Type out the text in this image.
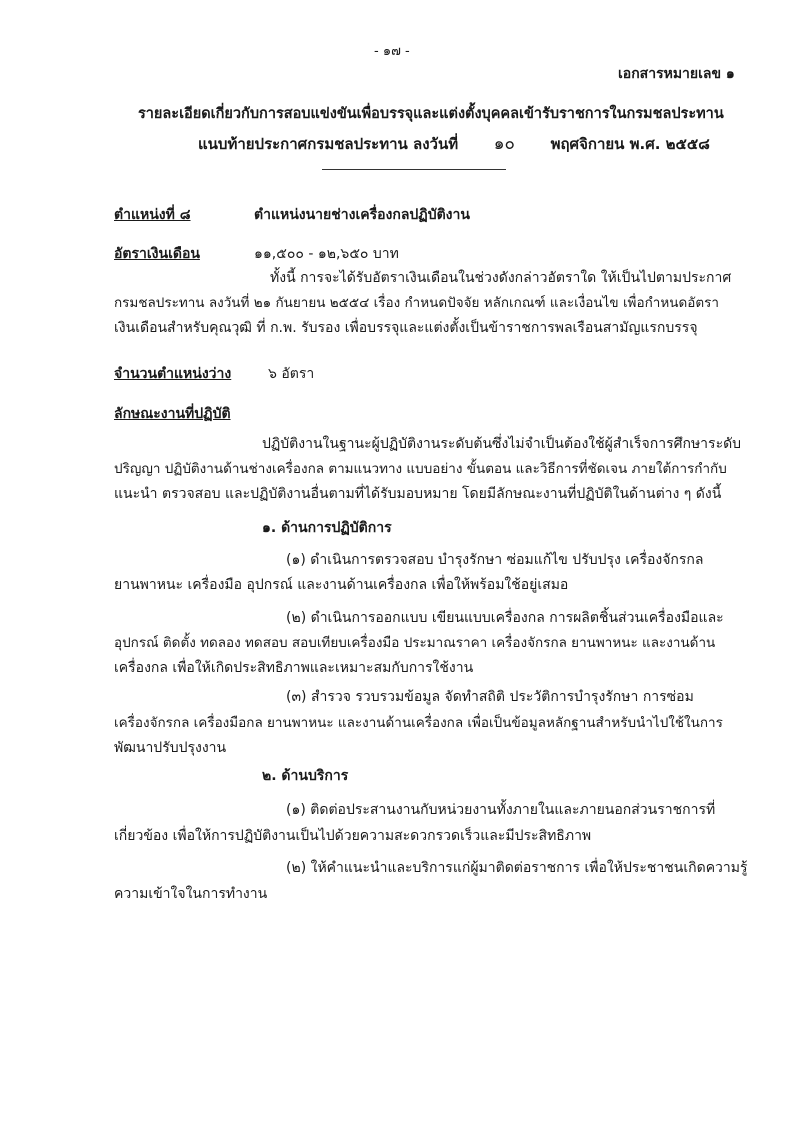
- ๑๗ -
เอกสารหมายเลข ๑
รายละเอียดเกี่ยวกับการสอบแข่งขันเพื่อบรรจุและแต่งตั้งบุคคลเข้ารับราชการในกรมชลประทาน
แนบท้ายประกาศกรมชลประทาน ลงวันที่ ๑๐ พฤศจิกายน พ.ศ. ๒๕๕๘
ตำแหน่งที่ ๘	ตำแหน่งนายช่างเครื่องกลปฏิบัติงาน
อัตราเงินเดือน	๑๑,๕๐๐ - ๑๒,๖๕๐ บาท
ทั้งนี้ การจะได้รับอัตราเงินเดือนในช่วงดังกล่าวอัตราใด ให้เป็นไปตามประกาศ
กรมชลประทาน ลงวันที่ ๒๑ กันยายน ๒๕๕๔ เรื่อง กำหนดปัจจัย หลักเกณฑ์ และเงื่อนไข เพื่อกำหนดอัตรา
เงินเดือนสำหรับคุณวุฒิ ที่ ก.พ. รับรอง เพื่อบรรจุและแต่งตั้งเป็นข้าราชการพลเรือนสามัญแรกบรรจุ
จำนวนตำแหน่งว่าง	๖ อัตรา
ลักษณะงานที่ปฏิบัติ
ปฏิบัติงานในฐานะผู้ปฏิบัติงานระดับต้นซึ่งไม่จำเป็นต้องใช้ผู้สำเร็จการศึกษาระดับ
ปริญญา ปฏิบัติงานด้านช่างเครื่องกล ตามแนวทาง แบบอย่าง ขั้นตอน และวิธีการที่ชัดเจน ภายใต้การกำกับ
แนะนำ ตรวจสอบ และปฏิบัติงานอื่นตามที่ได้รับมอบหมาย โดยมีลักษณะงานที่ปฏิบัติในด้านต่าง ๆ ดังนี้
๑. ด้านการปฏิบัติการ
(๑) ดำเนินการตรวจสอบ บำรุงรักษา ซ่อมแก้ไข ปรับปรุง เครื่องจักรกล
ยานพาหนะ เครื่องมือ อุปกรณ์ และงานด้านเครื่องกล เพื่อให้พร้อมใช้อยู่เสมอ
(๒) ดำเนินการออกแบบ เขียนแบบเครื่องกล การผลิตชิ้นส่วนเครื่องมือและ
อุปกรณ์ ติดตั้ง ทดลอง ทดสอบ สอบเทียบเครื่องมือ ประมาณราคา เครื่องจักรกล ยานพาหนะ และงานด้าน
เครื่องกล เพื่อให้เกิดประสิทธิภาพและเหมาะสมกับการใช้งาน
(๓) สำรวจ รวบรวมข้อมูล จัดทำสถิติ ประวัติการบำรุงรักษา การซ่อม
เครื่องจักรกล เครื่องมือกล ยานพาหนะ และงานด้านเครื่องกล เพื่อเป็นข้อมูลหลักฐานสำหรับนำไปใช้ในการ
พัฒนาปรับปรุงงาน
๒. ด้านบริการ
(๑) ติดต่อประสานงานกับหน่วยงานทั้งภายในและภายนอกส่วนราชการที่
เกี่ยวข้อง เพื่อให้การปฏิบัติงานเป็นไปด้วยความสะดวกรวดเร็วและมีประสิทธิภาพ
(๒) ให้คำแนะนำและบริการแก่ผู้มาติดต่อราชการ เพื่อให้ประชาชนเกิดความรู้
ความเข้าใจในการทำงาน
